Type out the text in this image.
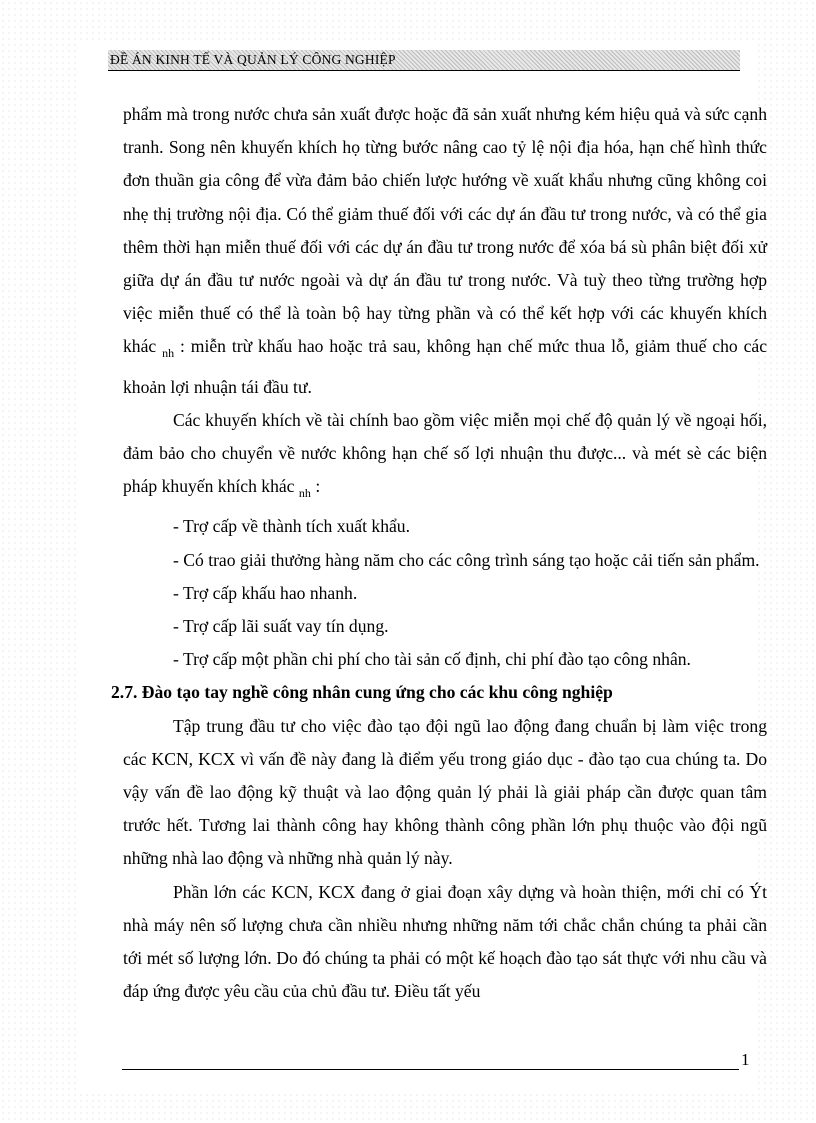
ĐỀ ÁN KINH TẾ VÀ QUẢN LÝ CÔNG NGHIỆP

phẩm mà trong nước chưa sản xuất được hoặc đã sản xuất nhưng kém hiệu quả và sức cạnh tranh. Song nên khuyến khích họ từng bước nâng cao tỷ lệ nội địa hóa, hạn chế hình thức đơn thuần gia công để vừa đảm bảo chiến lược hướng về xuất khẩu nhưng cũng không coi nhẹ thị trường nội địa. Có thể giảm thuế đối với các dự án đầu tư trong nước, và có thể gia thêm thời hạn miễn thuế đối với các dự án đầu tư trong nước để xóa bá sù phân biệt đối xử giữa dự án đầu tư nước ngoài và dự án đầu tư trong nước. Và tuỳ theo từng trường hợp việc miễn thuế có thể là toàn bộ hay từng phần và có thể kết hợp với các khuyến khích khác $_{nh}$ : miễn trừ khấu hao hoặc trả sau, không hạn chế mức thua lỗ, giảm thuế cho các khoản lợi nhuận tái đầu tư.

Các khuyến khích về tài chính bao gồm việc miễn mọi chế độ quản lý về ngoại hối, đảm bảo cho chuyển về nước không hạn chế số lợi nhuận thu được... và mét sè các biện pháp khuyến khích khác $_{nh}$ :

- Trợ cấp về thành tích xuất khẩu.

- Có trao giải thưởng hàng năm cho các công trình sáng tạo hoặc cải tiến sản phẩm.

- Trợ cấp khấu hao nhanh.

- Trợ cấp lãi suất vay tín dụng.

- Trợ cấp một phần chi phí cho tài sản cố định, chi phí đào tạo công nhân.

2.7. Đào tạo tay nghề công nhân cung ứng cho các khu công nghiệp

Tập trung đầu tư cho việc đào tạo đội ngũ lao động đang chuẩn bị làm việc trong các KCN, KCX vì vấn đề này đang là điểm yếu trong giáo dục - đào tạo cua chúng ta. Do vậy vấn đề lao động kỹ thuật và lao động quản lý phải là giải pháp cần được quan tâm trước hết. Tương lai thành công hay không thành công phần lớn phụ thuộc vào đội ngũ những nhà lao động và những nhà quản lý này.

Phần lớn các KCN, KCX đang ở giai đoạn xây dựng và hoàn thiện, mới chỉ có Ýt nhà máy nên số lượng chưa cần nhiều nhưng những năm tới chắc chắn chúng ta phải cần tới mét số lượng lớn. Do đó chúng ta phải có một kế hoạch đào tạo sát thực với nhu cầu và đáp ứng được yêu cầu của chủ đầu tư. Điều tất yếu

1
